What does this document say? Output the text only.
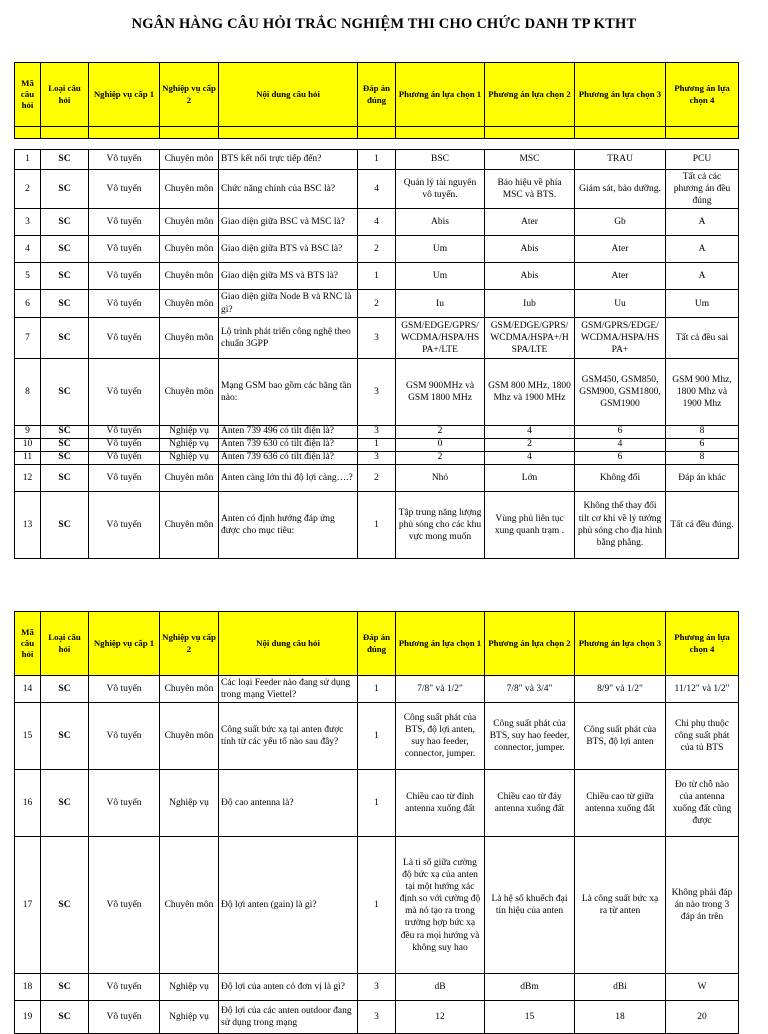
NGÂN HÀNG CÂU HỎI TRẮC NGHIỆM THI CHO CHỨC DANH TP KTHT
Mã câu hỏi	Loại câu hỏi	Nghiệp vụ cấp 1	Nghiệp vụ cấp 2	Nội dung câu hỏi	Đáp án đúng	Phương án lựa chọn 1	Phương án lựa chọn 2	Phương án lựa chọn 3	Phương án lựa chọn 4

1	SC	Vô tuyến	Chuyên môn	BTS kết nối trực tiếp đến?	1	BSC	MSC	TRAU	PCU
2	SC	Vô tuyến	Chuyên môn	Chức năng chính của BSC là?	4	Quản lý tài nguyên vô tuyến.	Báo hiệu về phía MSC và BTS.	Giám sát, bảo dưỡng.	Tất cả các phương án đều đúng
3	SC	Vô tuyến	Chuyên môn	Giao diện giữa BSC và MSC là?	4	Abis	Ater	Gb	A
4	SC	Vô tuyến	Chuyên môn	Giao diện giữa BTS và BSC là?	2	Um	Abis	Ater	A
5	SC	Vô tuyến	Chuyên môn	Giao diện giữa MS và BTS là?	1	Um	Abis	Ater	A
6	SC	Vô tuyến	Chuyên môn	Giao diện giữa Node B và RNC là gì?	2	Iu	Iub	Uu	Um
7	SC	Vô tuyến	Chuyên môn	Lộ trình phát triển công nghệ theo chuẩn 3GPP	3	GSM/EDGE/GPRS/ WCDMA/HSPA/HS PA+/LTE	GSM/EDGE/GPRS/ WCDMA/HSPA+/H SPA/LTE	GSM/GPRS/EDGE/ WCDMA/HSPA/HS PA+	Tất cả đều sai
8	SC	Vô tuyến	Chuyên môn	Mạng GSM bao gồm các băng tần nào:	3	GSM 900MHz và GSM 1800 MHz	GSM 800 MHz, 1800 Mhz và 1900 MHz	GSM450, GSM850, GSM900, GSM1800, GSM1900	GSM 900 Mhz, 1800 Mhz và 1900 Mhz
9	SC	Vô tuyến	Nghiệp vụ	Anten 739 496 có tilt điện là?	3	2	4	6	8
10	SC	Vô tuyến	Nghiệp vụ	Anten 739 630 có tilt điện là?	1	0	2	4	6
11	SC	Vô tuyến	Nghiệp vụ	Anten 739 636 có tilt điện là?	3	2	4	6	8
12	SC	Vô tuyến	Chuyên môn	Anten càng lớn thì độ lợi càng….?	2	Nhỏ	Lớn	Không đổi	Đáp án khác
13	SC	Vô tuyến	Chuyên môn	Anten có định hướng đáp ứng được cho mục tiêu:	1	Tập trung năng lượng phủ sóng cho các khu vực mong muốn	Vùng phủ liên tục xung quanh trạm .	Không thể thay đổi tilt cơ khi về lý tưởng phủ sóng cho địa hình bằng phẳng.	Tất cả đều đúng.
Mã câu hỏi	Loại câu hỏi	Nghiệp vụ cấp 1	Nghiệp vụ cấp 2	Nội dung câu hỏi	Đáp án đúng	Phương án lựa chọn 1	Phương án lựa chọn 2	Phương án lựa chọn 3	Phương án lựa chọn 4
14	SC	Vô tuyến	Chuyên môn	Các loại Feeder nào đang sử dụng trong mạng Viettel?	1	7/8" và 1/2"	7/8" và 3/4"	8/9" và 1/2"	11/12" và 1/2"
15	SC	Vô tuyến	Chuyên môn	Công suất bức xạ tại anten được tính từ các yếu tố nào sau đây?	1	Công suất phát của BTS, độ lợi anten, suy hao feeder, connector, jumper.	Công suất phát của BTS, suy hao feeder, connector, jumper.	Công suất phát của BTS, độ lợi anten	Chỉ phụ thuộc công suất phát của tủ BTS
16	SC	Vô tuyến	Nghiệp vụ	Độ cao antenna là?	1	Chiều cao từ đỉnh antenna xuống đất	Chiều cao từ đáy antenna xuống đất	Chiều cao từ giữa antenna xuống đất	Đo từ chỗ nào của antenna xuống đất cũng được
17	SC	Vô tuyến	Chuyên môn	Độ lợi anten (gain) là gì?	1	Là tỉ số giữa cường độ bức xạ của anten tại một hướng xác định so với cường độ mà nó tạo ra trong trường hợp bức xạ đều ra mọi hướng và không suy hao	Là hệ số khuếch đại tín hiệu của anten	Là công suất bức xạ ra từ anten	Không phải đáp án nào trong 3 đáp án trên
18	SC	Vô tuyến	Nghiệp vụ	Độ lợi của anten có đơn vị là gì?	3	dB	dBm	dBi	W
19	SC	Vô tuyến	Nghiệp vụ	Độ lợi của các anten outdoor đang sử dụng trong mạng	3	12	15	18	20
